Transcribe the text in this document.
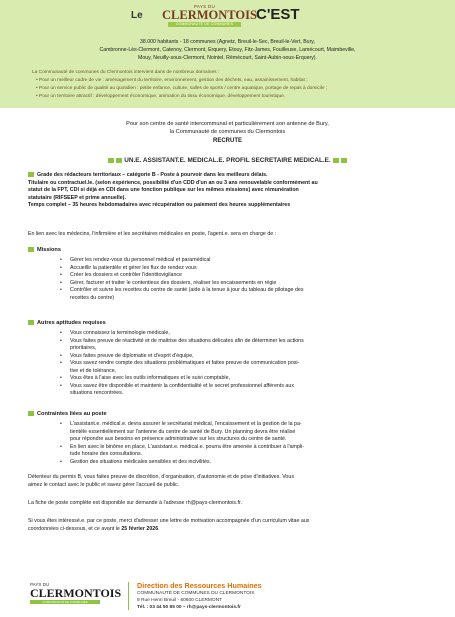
Le
PAYS DU
CLERMONTOIS
COMMUNAUTÉ DE COMMUNES
C'EST
38.000 habitants - 18 communes (Agnetz, Breuil-le-Sec, Breuil-le-Vert, Bury,
Cambronne-Lès-Clermont, Catenoy, Clermont, Erquery, Etouy, Fitz-James, Fouilleuse, Lamécourt, Maimbeville,
Mouy, Neuilly-sous-Clermont, Nointel, Rémécourt, Saint-Aubin-sous-Erquery).
La Communauté de communes du Clermontois intervient dans de nombreux domaines :
• Pour un meilleur cadre de vie : aménagement du territoire, environnement, gestion des déchets, eau, assainissement, habitat ;
• Pour un service public de qualité au quotidien : petite enfance, culture, salles de sports / centre aquatique, portage de repas à domicile ;
• Pour un territoire attractif : développement économique, animation du tissu économique, développement touristique.
Pour son centre de santé intercommunal et particulièrement son antenne de Bury,
la Communauté de communes du Clermontois
RECRUTE
UN.E. ASSISTANT.E. MEDICAL.E. PROFIL SECRETAIRE MEDICAL.E.
Grade des rédacteurs territoriaux – catégorie B - Poste à pourvoir dans les meilleurs délais.
Titulaire ou contractuel.le. (selon expérience, possibilité d'un CDD d'un an ou 3 ans renouvelable conformément au
statut de la FPT, CDI si déjà en CDI dans une fonction publique sur les mêmes missions) avec rémunération
statutaire (RIFSEEP et prime annuelle).
Temps complet – 35 heures hebdomadaires avec récupération ou paiement des heures supplémentaires
En lien avec les médecins, l'infirmière et les secrétaires médicales en poste, l'agent.e. sera en charge de :
Missions
• Gérer les rendez-vous du personnel médical et paramédical
• Accueillir la patientèle et gérer les flux de rendez vous
• Créer les dossiers et contrôler l'identitovigilance
• Gérer, facturer et traiter le contentieux des dossiers, réaliser les encaissements en régie
• Contrôler et suivre les recettes du centre de santé (aide à la tenue à jour du tableau de pilotage des
recettes du centre)
Autres aptitudes requises
• Vous connaissez la terminologie médicale,
• Vous faites preuve de réactivité et de maitrise des situations délicates afin de déterminer les actions
prioritaires,
• Vous faites preuve de diplomatie et d'esprit d'équipe,
• Vous savez rendre compte des situations problématiques et faites preuve de communication posi-
tive et de tolérance,
• Vous êtes à l'aise avec les outils informatiques et le suivi comptable,
• Vous savez être disponible et maintenir la confidentialité et le secret professionnel afférents aux
situations rencontrées.
Contraintes liées au poste
• L'assistant.e. médical.e. devra assurer le secrétariat médical, l'encaissement et la gestion de la pa-
tientèle essentiellement sur l'antenne du centre de santé de Bury. Un planning devra être réalisé
pour répondre aux besoins en présence administrative sur les structures du centre de santé.
• En lien avec le binôme en place, L'assistant.e. médical.e. pourra être amenée à contribuer à l'ampli-
tude horaire des consultations.
• Gestion des situations médicales sensibles et des incivilités.
Détenteur du permis B, vous faites preuve de discrétion, d'organisation, d'autonomie et de prise d'initiatives. Vous
aimez le contact avec le public et savez gérer l'accueil de public.
La fiche de poste complète est disponible sur demande à l'adresse rh@pays-clermontois.fr.
Si vous êtes intéressé.e. par ce poste, merci d'adresser une lettre de motivation accompagnée d'un curriculum vitae aux
coordonnées ci-dessous, et ce avant le 25 février 2026.
PAYS DU
CLERMONTOIS
COMMUNAUTÉ DE COMMUNES
Direction des Ressources Humaines
COMMUNAUTÉ DE COMMUNES DU CLERMONTOIS
9 Rue Henri Breuil - 60600 CLERMONT
Tél. : 03 44 50 85 00 – rh@pays-clermontois.fr
